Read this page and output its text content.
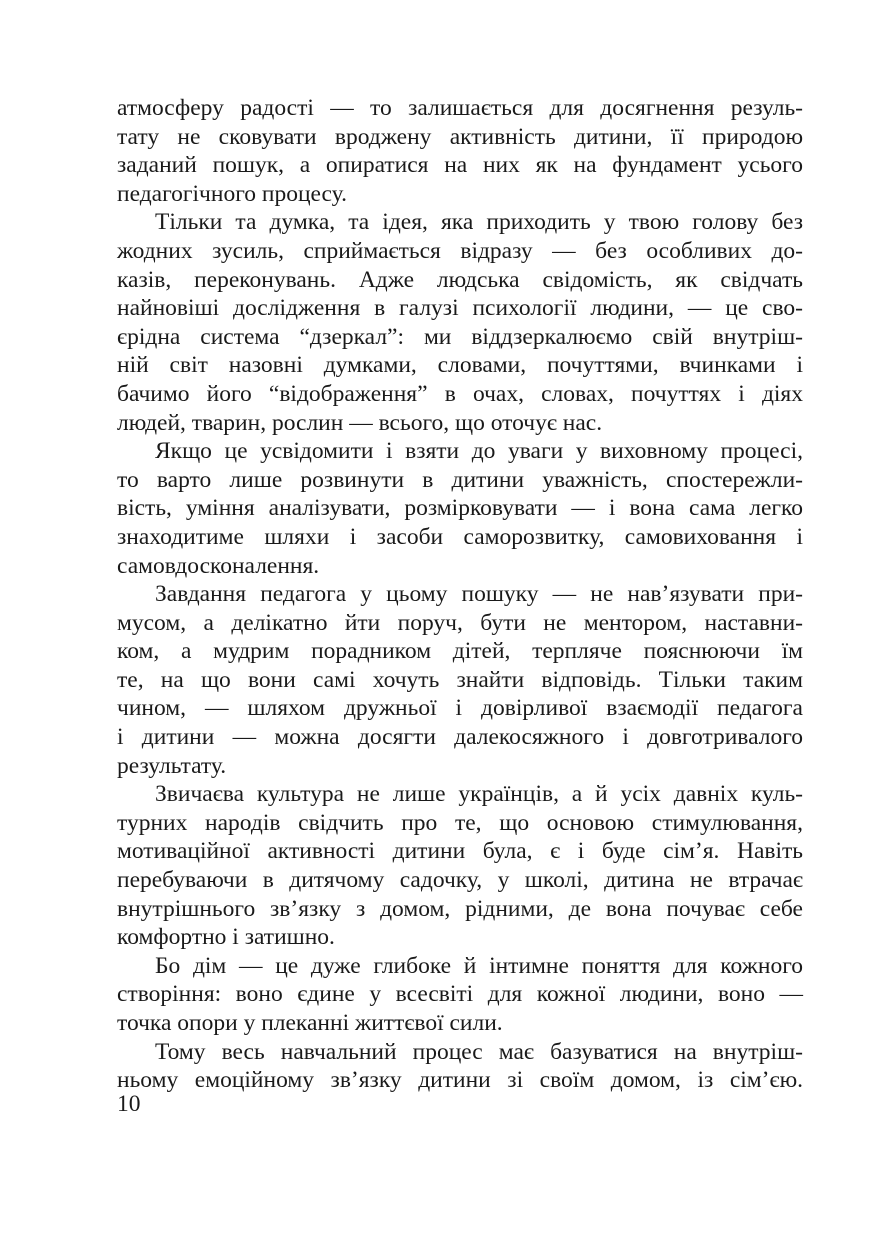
атмосферу радості — то залишається для досягнення резуль-
тату не сковувати вроджену активність дитини, її природою
заданий пошук, а опиратися на них як на фундамент усього
педагогічного процесу.
Тільки та думка, та ідея, яка приходить у твою голову без
жодних зусиль, сприймається відразу — без особливих до-
казів, переконувань. Адже людська свідомість, як свідчать
найновіші дослідження в галузі психології людини, — це сво-
єрідна система “дзеркал”: ми віддзеркалюємо свій внутріш-
ній світ назовні думками, словами, почуттями, вчинками і
бачимо його “відображення” в очах, словах, почуттях і діях
людей, тварин, рослин — всього, що оточує нас.
Якщо це усвідомити і взяти до уваги у виховному процесі,
то варто лише розвинути в дитини уважність, спостережли-
вість, уміння аналізувати, розмірковувати — і вона сама легко
знаходитиме шляхи і засоби саморозвитку, самовиховання і
самовдосконалення.
Завдання педагога у цьому пошуку — не нав’язувати при-
мусом, а делікатно йти поруч, бути не ментором, наставни-
ком, а мудрим порадником дітей, терпляче пояснюючи їм
те, на що вони самі хочуть знайти відповідь. Тільки таким
чином, — шляхом дружньої і довірливої взаємодії педагога
і дитини — можна досягти далекосяжного і довготривалого
результату.
Звичаєва культура не лише українців, а й усіх давніх куль-
турних народів свідчить про те, що основою стимулювання,
мотиваційної активності дитини була, є і буде сім’я. Навіть
перебуваючи в дитячому садочку, у школі, дитина не втрачає
внутрішнього зв’язку з домом, рідними, де вона почуває себе
комфортно і затишно.
Бо дім — це дуже глибоке й інтимне поняття для кожного
створіння: воно єдине у всесвіті для кожної людини, воно —
точка опори у плеканні життєвої сили.
Тому весь навчальний процес має базуватися на внутріш-
ньому емоційному зв’язку дитини зі своїм домом, із сім’єю.
10
